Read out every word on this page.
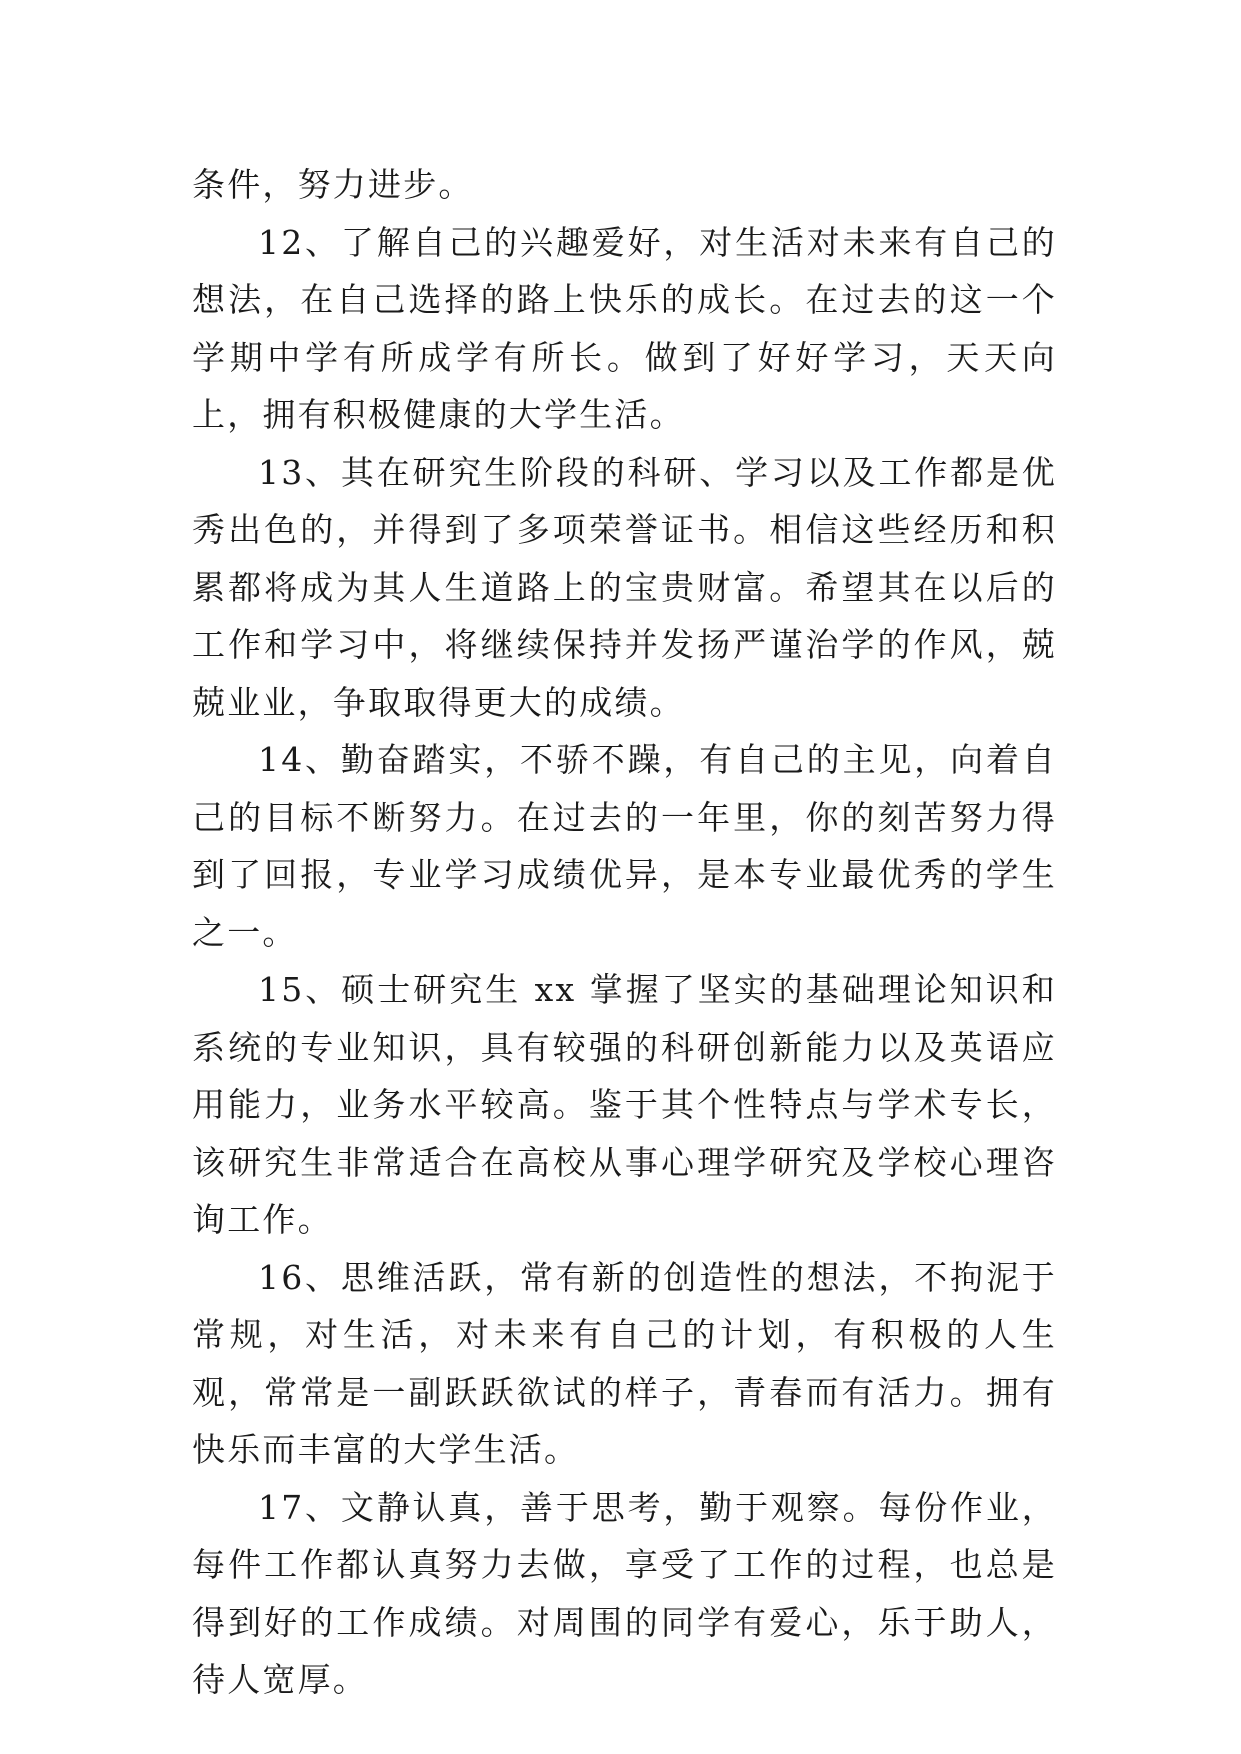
条件，努力进步。

12、了解自己的兴趣爱好，对生活对未来有自己的想法，在自己选择的路上快乐的成长。在过去的这一个学期中学有所成学有所长。做到了好好学习，天天向上，拥有积极健康的大学生活。

13、其在研究生阶段的科研、学习以及工作都是优秀出色的，并得到了多项荣誉证书。相信这些经历和积累都将成为其人生道路上的宝贵财富。希望其在以后的工作和学习中，将继续保持并发扬严谨治学的作风，兢兢业业，争取取得更大的成绩。

14、勤奋踏实，不骄不躁，有自己的主见，向着自己的目标不断努力。在过去的一年里，你的刻苦努力得到了回报，专业学习成绩优异，是本专业最优秀的学生之一。

15、硕士研究生 xx 掌握了坚实的基础理论知识和系统的专业知识，具有较强的科研创新能力以及英语应用能力，业务水平较高。鉴于其个性特点与学术专长，该研究生非常适合在高校从事心理学研究及学校心理咨询工作。

16、思维活跃，常有新的创造性的想法，不拘泥于常规，对生活，对未来有自己的计划，有积极的人生观，常常是一副跃跃欲试的样子，青春而有活力。拥有快乐而丰富的大学生活。

17、文静认真，善于思考，勤于观察。每份作业，每件工作都认真努力去做，享受了工作的过程，也总是得到好的工作成绩。对周围的同学有爱心，乐于助人，待人宽厚。
